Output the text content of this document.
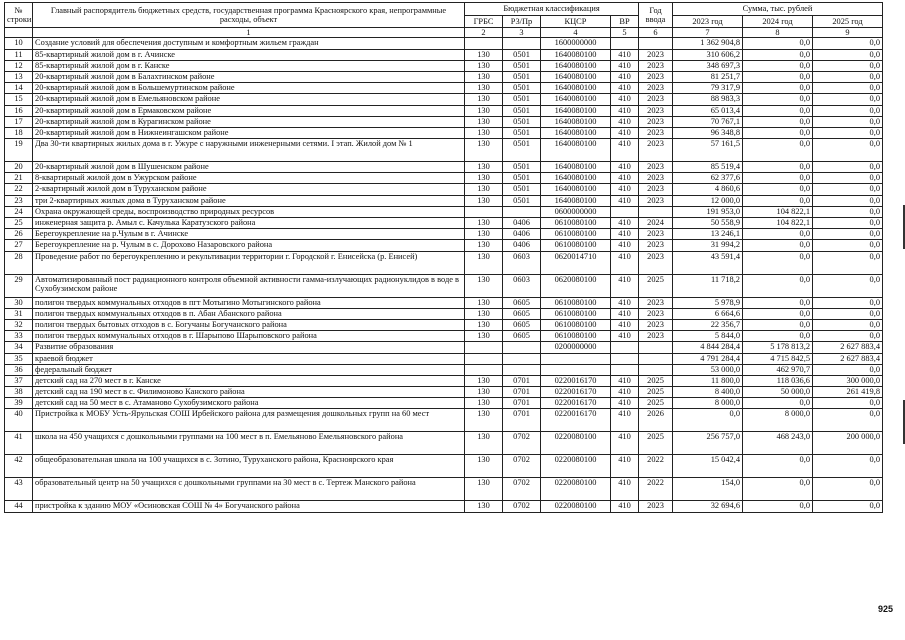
№ строки	Главный распорядитель бюджетных средств, государственная программа Красноярского края, непрограммные расходы, объект	Бюджетная классификация				Год ввода	Сумма, тыс. рублей		
		ГРБС	Р3/Пр	КЦСР	ВР		2023 год	2024 год	2025 год
	1	2	3	4	5	6	7	8	9
10	Создание условий для обеспечения доступным и комфортным жильем граждан			1600000000			1 362 904,8	0,0	0,0
11	85-квартирный жилой дом в г. Ачинске	130	0501	1640080100	410	2023	310 606,2	0,0	0,0
12	85-квартирный жилой дом в г. Канске	130	0501	1640080100	410	2023	348 697,3	0,0	0,0
13	20-квартирный жилой дом в Балахтинском районе	130	0501	1640080100	410	2023	81 251,7	0,0	0,0
14	20-квартирный жилой дом в Большемуртинском районе	130	0501	1640080100	410	2023	79 317,9	0,0	0,0
15	20-квартирный жилой дом в Емельяновском районе	130	0501	1640080100	410	2023	88 983,3	0,0	0,0
16	20-квартирный жилой дом в Ермаковском районе	130	0501	1640080100	410	2023	65 013,4	0,0	0,0
17	20-квартирный жилой дом в Курагинском районе	130	0501	1640080100	410	2023	70 767,1	0,0	0,0
18	20-квартирный жилой дом в Нижнеингашском районе	130	0501	1640080100	410	2023	96 348,8	0,0	0,0
19	Два 30-ти квартирных жилых дома в г. Ужуре с наружными инженерными сетями. I этап. Жилой дом № 1	130	0501	1640080100	410	2023	57 161,5	0,0	0,0
20	20-квартирный жилой дом в Шушенском районе	130	0501	1640080100	410	2023	85 519,4	0,0	0,0
21	8-квартирный жилой дом в Ужурском районе	130	0501	1640080100	410	2023	62 377,6	0,0	0,0
22	2-квартирный жилой дом в Туруханском районе	130	0501	1640080100	410	2023	4 860,6	0,0	0,0
23	три 2-квартирных жилых дома в Туруханском районе	130	0501	1640080100	410	2023	12 000,0	0,0	0,0
24	Охрана окружающей среды, воспроизводство природных ресурсов			0600000000			191 953,0	104 822,1	0,0
25	инженерная защита р. Амыл с. Качулька Каратузского района	130	0406	0610080100	410	2024	50 558,9	104 822,1	0,0
26	Берегоукрепление на р.Чулым в г. Ачинске	130	0406	0610080100	410	2023	13 246,1	0,0	0,0
27	Берегоукрепление на р. Чулым в с. Дорохово Назаровского района	130	0406	0610080100	410	2023	31 994,2	0,0	0,0
28	Проведение работ по берегоукреплению и рекультивации территории г. Городской г. Енисейска (р. Енисей)	130	0603	0620014710	410	2023	43 591,4	0,0	0,0
29	Автоматизированный пост радиационного контроля объемной активности гамма-излучающих радионуклидов в воде в Сухобузимском районе	130	0603	0620080100	410	2025	11 718,2	0,0	0,0
30	полигон твердых коммунальных отходов в пгт Мотыгино Мотыгинского района	130	0605	0610080100	410	2023	5 978,9	0,0	0,0
31	полигон твердых коммунальных отходов в п. Абан Абанского района	130	0605	0610080100	410	2023	6 664,6	0,0	0,0
32	полигон твердых бытовых отходов в с. Богучаны Богучанского района	130	0605	0610080100	410	2023	22 356,7	0,0	0,0
33	полигон твердых коммунальных отходов в г. Шарыпово Шарыповского района	130	0605	0610080100	410	2023	5 844,0	0,0	0,0
34	Развитие образования			0200000000			4 844 284,4	5 178 813,2	2 627 883,4
35	краевой бюджет						4 791 284,4	4 715 842,5	2 627 883,4
36	федеральный бюджет						53 000,0	462 970,7	0,0
37	детский сад на 270 мест в г. Канске	130	0701	0220016170	410	2025	11 800,0	118 036,6	300 000,0
38	детский сад на 190 мест в с. Филимоново Канского района	130	0701	0220016170	410	2025	8 400,0	50 000,0	261 419,8
39	детский сад на 50 мест в с. Атаманово Сухобузимского района	130	0701	0220016170	410	2025	8 000,0	0,0	0,0
40	Пристройка к МОБУ Усть-Ярульская СОШ Ирбейского района для размещения дошкольных групп на 60 мест	130	0701	0220016170	410	2026	0,0	8 000,0	0,0
41	школа на 450 учащихся с дошкольными группами на 100 мест в п. Емельяново Емельяновского района	130	0702	0220080100	410	2025	256 757,0	468 243,0	200 000,0
42	общеобразовательная школа на 100 учащихся в с. Зотино, Туруханского района, Красноярского края	130	0702	0220080100	410	2022	15 042,4	0,0	0,0
43	образовательный центр на 50 учащихся с дошкольными группами на 30 мест в с. Тертеж Манского района	130	0702	0220080100	410	2022	154,0	0,0	0,0
44	пристройка к зданию МОУ «Осиновская СОШ № 4» Богучанского района	130	0702	0220080100	410	2023	32 694,6	0,0	0,0
925
